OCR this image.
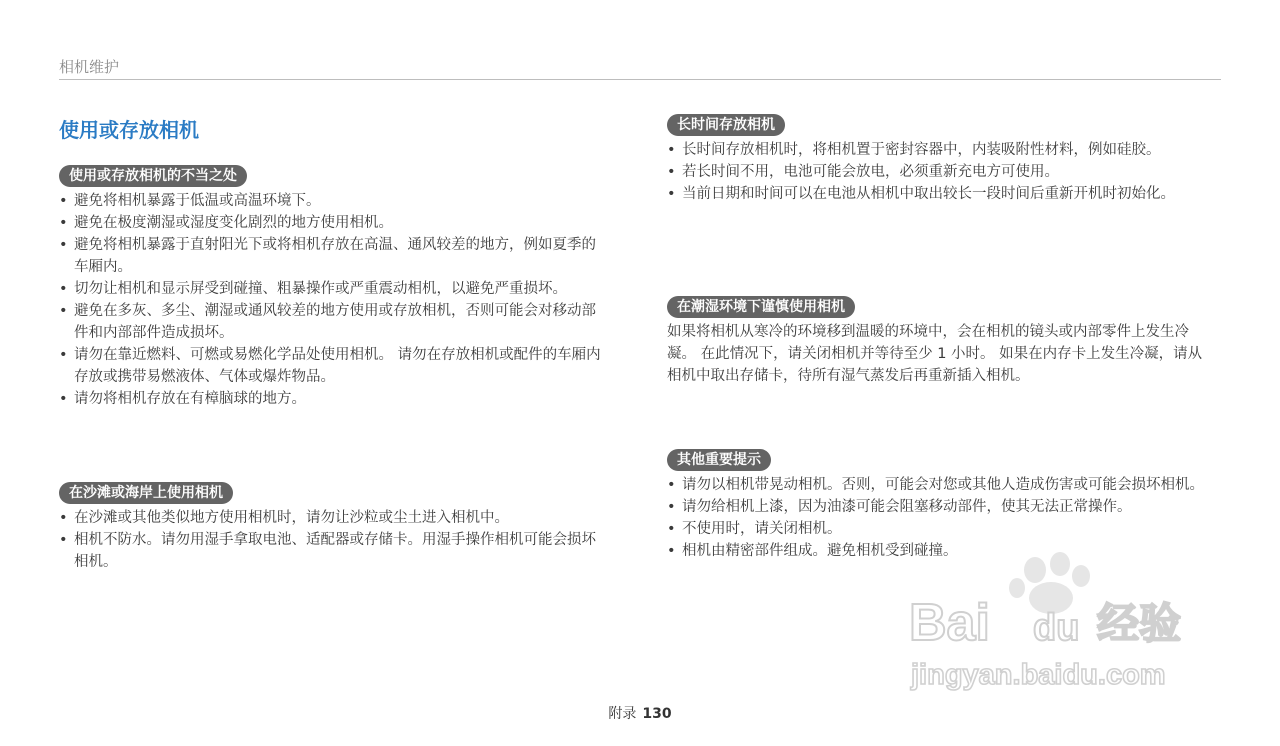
相机维护
使用或存放相机
使用或存放相机的不当之处
• 避免将相机暴露于低温或高温环境下。
• 避免在极度潮湿或湿度变化剧烈的地方使用相机。
• 避免将相机暴露于直射阳光下或将相机存放在高温、通风较差的地方，例如夏季的车厢内。
• 切勿让相机和显示屏受到碰撞、粗暴操作或严重震动相机，以避免严重损坏。
• 避免在多灰、多尘、潮湿或通风较差的地方使用或存放相机，否则可能会对移动部件和内部部件造成损坏。
• 请勿在靠近燃料、可燃或易燃化学品处使用相机。 请勿在存放相机或配件的车厢内存放或携带易燃液体、气体或爆炸物品。
• 请勿将相机存放在有樟脑球的地方。
在沙滩或海岸上使用相机
• 在沙滩或其他类似地方使用相机时，请勿让沙粒或尘土进入相机中。
• 相机不防水。请勿用湿手拿取电池、适配器或存储卡。用湿手操作相机可能会损坏相机。
长时间存放相机
• 长时间存放相机时，将相机置于密封容器中，内装吸附性材料，例如硅胶。
• 若长时间不用，电池可能会放电，必须重新充电方可使用。
• 当前日期和时间可以在电池从相机中取出较长一段时间后重新开机时初始化。
在潮湿环境下谨慎使用相机

如果将相机从寒冷的环境移到温暖的环境中，会在相机的镜头或内部零件上发生冷凝。 在此情况下，请关闭相机并等待至少 1 小时。 如果在内存卡上发生冷凝，请从相机中取出存储卡，待所有湿气蒸发后再重新插入相机。

其他重要提示
• 请勿以相机带晃动相机。否则，可能会对您或其他人造成伤害或可能会损坏相机。
• 请勿给相机上漆，因为油漆可能会阻塞移动部件，使其无法正常操作。
• 不使用时，请关闭相机。
• 相机由精密部件组成。避免相机受到碰撞。
Bai du 经验
jingyan.baidu.com
附录 130
